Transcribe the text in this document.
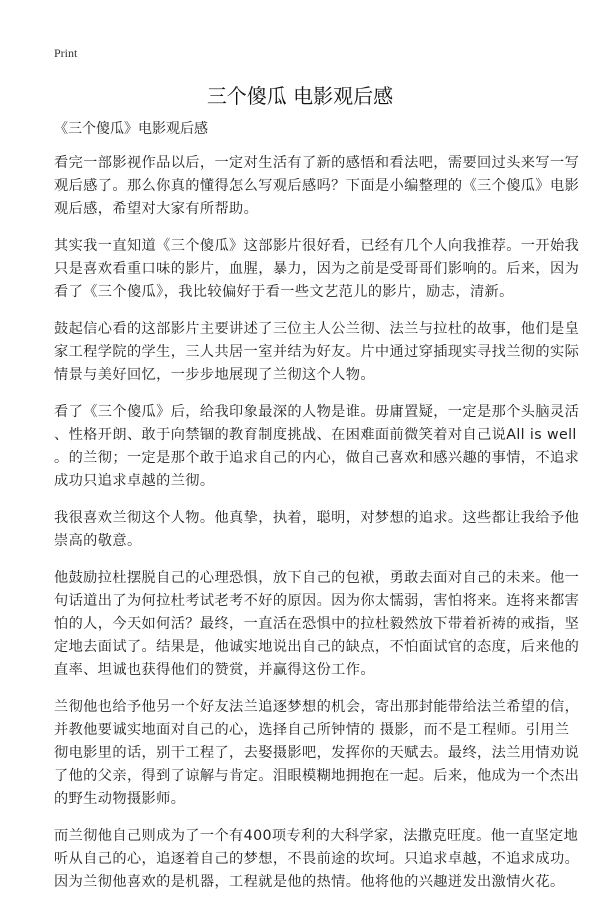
Print
三个傻瓜 电影观后感
《三个傻瓜》电影观后感
看完一部影视作品以后，一定对生活有了新的感悟和看法吧，需要回过头来写一写
观后感了。那么你真的懂得怎么写观后感吗？下面是小编整理的《三个傻瓜》电影
观后感，希望对大家有所帮助。
其实我一直知道《三个傻瓜》这部影片很好看，已经有几个人向我推荐。一开始我
只是喜欢看重口味的影片，血腥，暴力，因为之前是受哥哥们影响的。后来，因为
看了《三个傻瓜》，我比较偏好于看一些文艺范儿的影片，励志，清新。
鼓起信心看的这部影片主要讲述了三位主人公兰彻、法兰与拉杜的故事，他们是皇
家工程学院的学生，三人共居一室并结为好友。片中通过穿插现实寻找兰彻的实际
情景与美好回忆，一步步地展现了兰彻这个人物。
看了《三个傻瓜》后，给我印象最深的人物是谁。毋庸置疑，一定是那个头脑灵活
、性格开朗、敢于向禁锢的教育制度挑战、在困难面前微笑着对自己说All is well
。的兰彻；一定是那个敢于追求自己的内心，做自己喜欢和感兴趣的事情，不追求
成功只追求卓越的兰彻。
我很喜欢兰彻这个人物。他真挚，执着，聪明，对梦想的追求。这些都让我给予他
崇高的敬意。
他鼓励拉杜摆脱自己的心理恐惧，放下自己的包袱，勇敢去面对自己的未来。他一
句话道出了为何拉杜考试老考不好的原因。因为你太懦弱，害怕将来。连将来都害
怕的人，今天如何活？最终，一直活在恐惧中的拉杜毅然放下带着祈祷的戒指，坚
定地去面试了。结果是，他诚实地说出自己的缺点，不怕面试官的态度，后来他的
直率、坦诚也获得他们的赞赏，并赢得这份工作。
兰彻他也给予他另一个好友法兰追逐梦想的机会，寄出那封能带给法兰希望的信，
并教他要诚实地面对自己的心，选择自己所钟情的 摄影，而不是工程师。引用兰
彻电影里的话，别干工程了，去娶摄影吧，发挥你的天赋去。最终，法兰用情劝说
了他的父亲，得到了谅解与肯定。泪眼模糊地拥抱在一起。后来，他成为一个杰出
的野生动物摄影师。
而兰彻他自己则成为了一个有400项专利的大科学家，法撒克旺度。他一直坚定地
听从自己的心，追逐着自己的梦想，不畏前途的坎坷。只追求卓越，不追求成功。
因为兰彻他喜欢的是机器，工程就是他的热情。他将他的兴趣迸发出激情火花。
